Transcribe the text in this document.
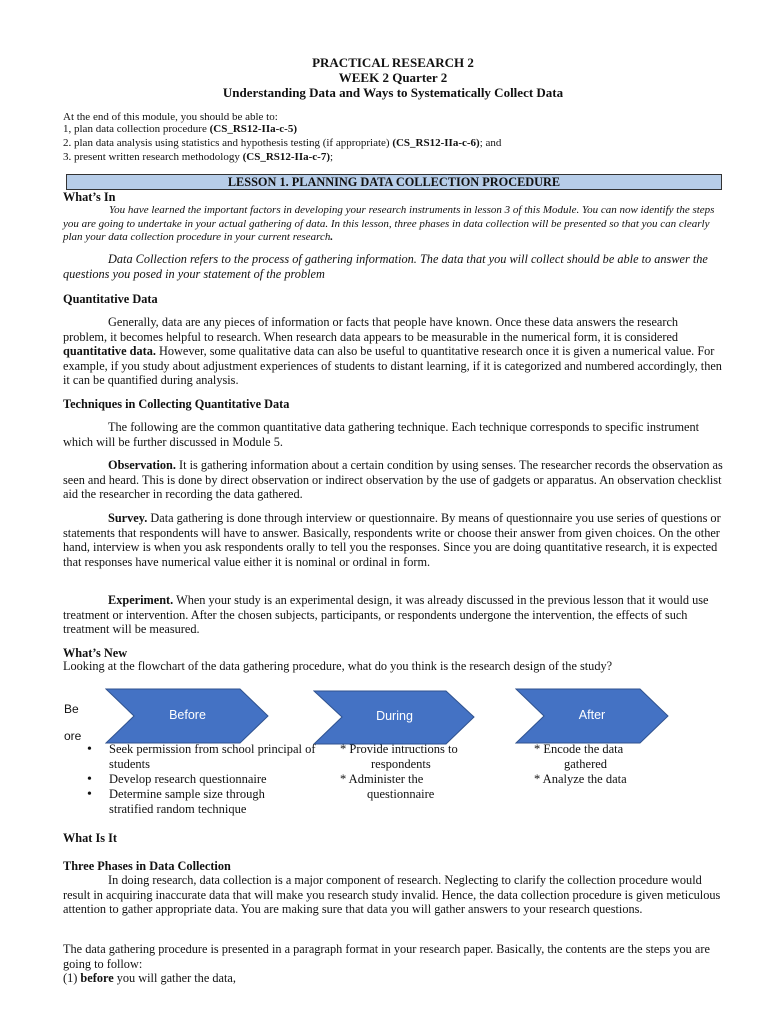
PRACTICAL RESEARCH 2
WEEK 2 Quarter 2
Understanding Data and Ways to Systematically Collect Data
At the end of this module, you should be able to:
1, plan data collection procedure (CS_RS12-IIa-c-5)
2. plan data analysis using statistics and hypothesis testing (if appropriate) (CS_RS12-IIa-c-6); and
3. present written research methodology (CS_RS12-IIa-c-7);
LESSON 1. PLANNING DATA COLLECTION PROCEDURE
What’s In
You have learned the important factors in developing your research instruments in lesson 3 of this Module. You can now identify the steps you are going to undertake in your actual gathering of data. In this lesson, three phases in data collection will be presented so that you can clearly plan your data collection procedure in your current research.
Data Collection refers to the process of gathering information. The data that you will collect should be able to answer the questions you posed in your statement of the problem
Quantitative Data
Generally, data are any pieces of information or facts that people have known. Once these data answers the research problem, it becomes helpful to research. When research data appears to be measurable in the numerical form, it is considered quantitative data. However, some qualitative data can also be useful to quantitative research once it is given a numerical value. For example, if you study about adjustment experiences of students to distant learning, if it is categorized and numbered accordingly, then it can be quantified during analysis.
Techniques in Collecting Quantitative Data
The following are the common quantitative data gathering technique. Each technique corresponds to specific instrument which will be further discussed in Module 5.
Observation. It is gathering information about a certain condition by using senses. The researcher records the observation as seen and heard. This is done by direct observation or indirect observation by the use of gadgets or apparatus. An observation checklist aid the researcher in recording the data gathered.
Survey. Data gathering is done through interview or questionnaire. By means of questionnaire you use series of questions or statements that respondents will have to answer. Basically, respondents write or choose their answer from given choices. On the other hand, interview is when you ask respondents orally to tell you the responses. Since you are doing quantitative research, it is expected that responses have numerical value either it is nominal or ordinal in form.
Experiment. When your study is an experimental design, it was already discussed in the previous lesson that it would use treatment or intervention. After the chosen subjects, participants, or respondents undergone the intervention, the effects of such treatment will be measured.
What’s New
Looking at the flowchart of the data gathering procedure, what do you think is the research design of the study?
Be
ore
Before	During	After
• Seek permission from school principal of students
• Develop research questionnaire
• Determine sample size through stratified random technique
* Provide intructions to
respondents
* Administer the
questionnaire
* Encode the data
gathered
* Analyze the data
What Is It
Three Phases in Data Collection
In doing research, data collection is a major component of research. Neglecting to clarify the collection procedure would result in acquiring inaccurate data that will make you research study invalid. Hence, the data collection procedure is given meticulous attention to gather appropriate data. You are making sure that data you will gather answers to your research questions.
The data gathering procedure is presented in a paragraph format in your research paper. Basically, the contents are the steps you are going to follow:
(1) before you will gather the data,
